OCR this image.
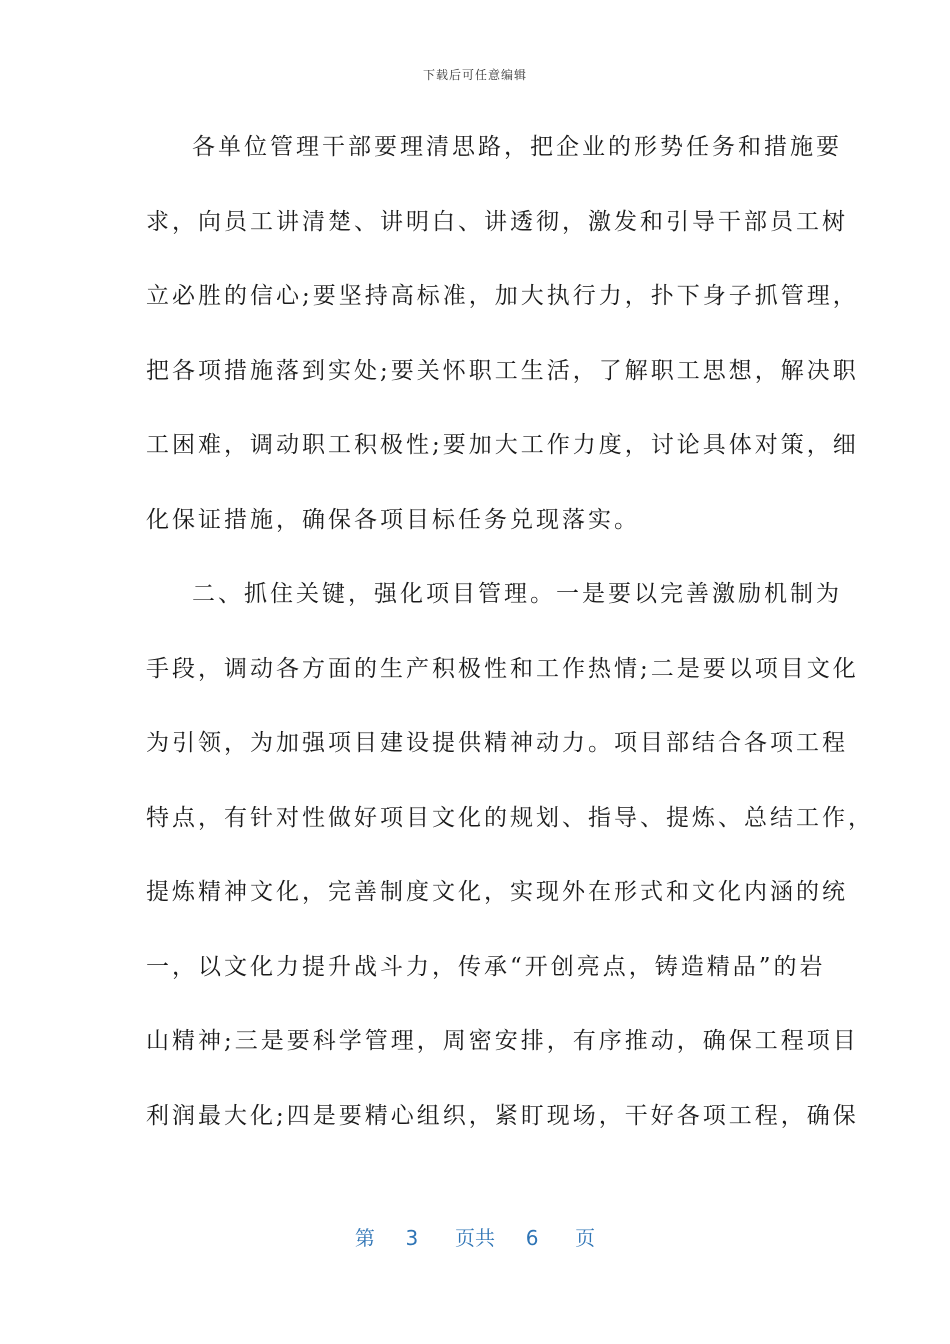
下载后可任意编辑
各单位管理干部要理清思路，把企业的形势任务和措施要
求，向员工讲清楚、讲明白、讲透彻，激发和引导干部员工树
立必胜的信心;要坚持高标准，加大执行力，扑下身子抓管理，
把各项措施落到实处;要关怀职工生活，了解职工思想，解决职
工困难，调动职工积极性;要加大工作力度，讨论具体对策，细
化保证措施，确保各项目标任务兑现落实。
二、抓住关键，强化项目管理。一是要以完善激励机制为
手段，调动各方面的生产积极性和工作热情;二是要以项目文化
为引领，为加强项目建设提供精神动力。项目部结合各项工程
特点，有针对性做好项目文化的规划、指导、提炼、总结工作，
提炼精神文化，完善制度文化，实现外在形式和文化内涵的统
一，以文化力提升战斗力，传承“开创亮点，铸造精品”的岩
山精神;三是要科学管理，周密安排，有序推动，确保工程项目
利润最大化;四是要精心组织，紧盯现场，干好各项工程，确保
第 3 页共 6 页
